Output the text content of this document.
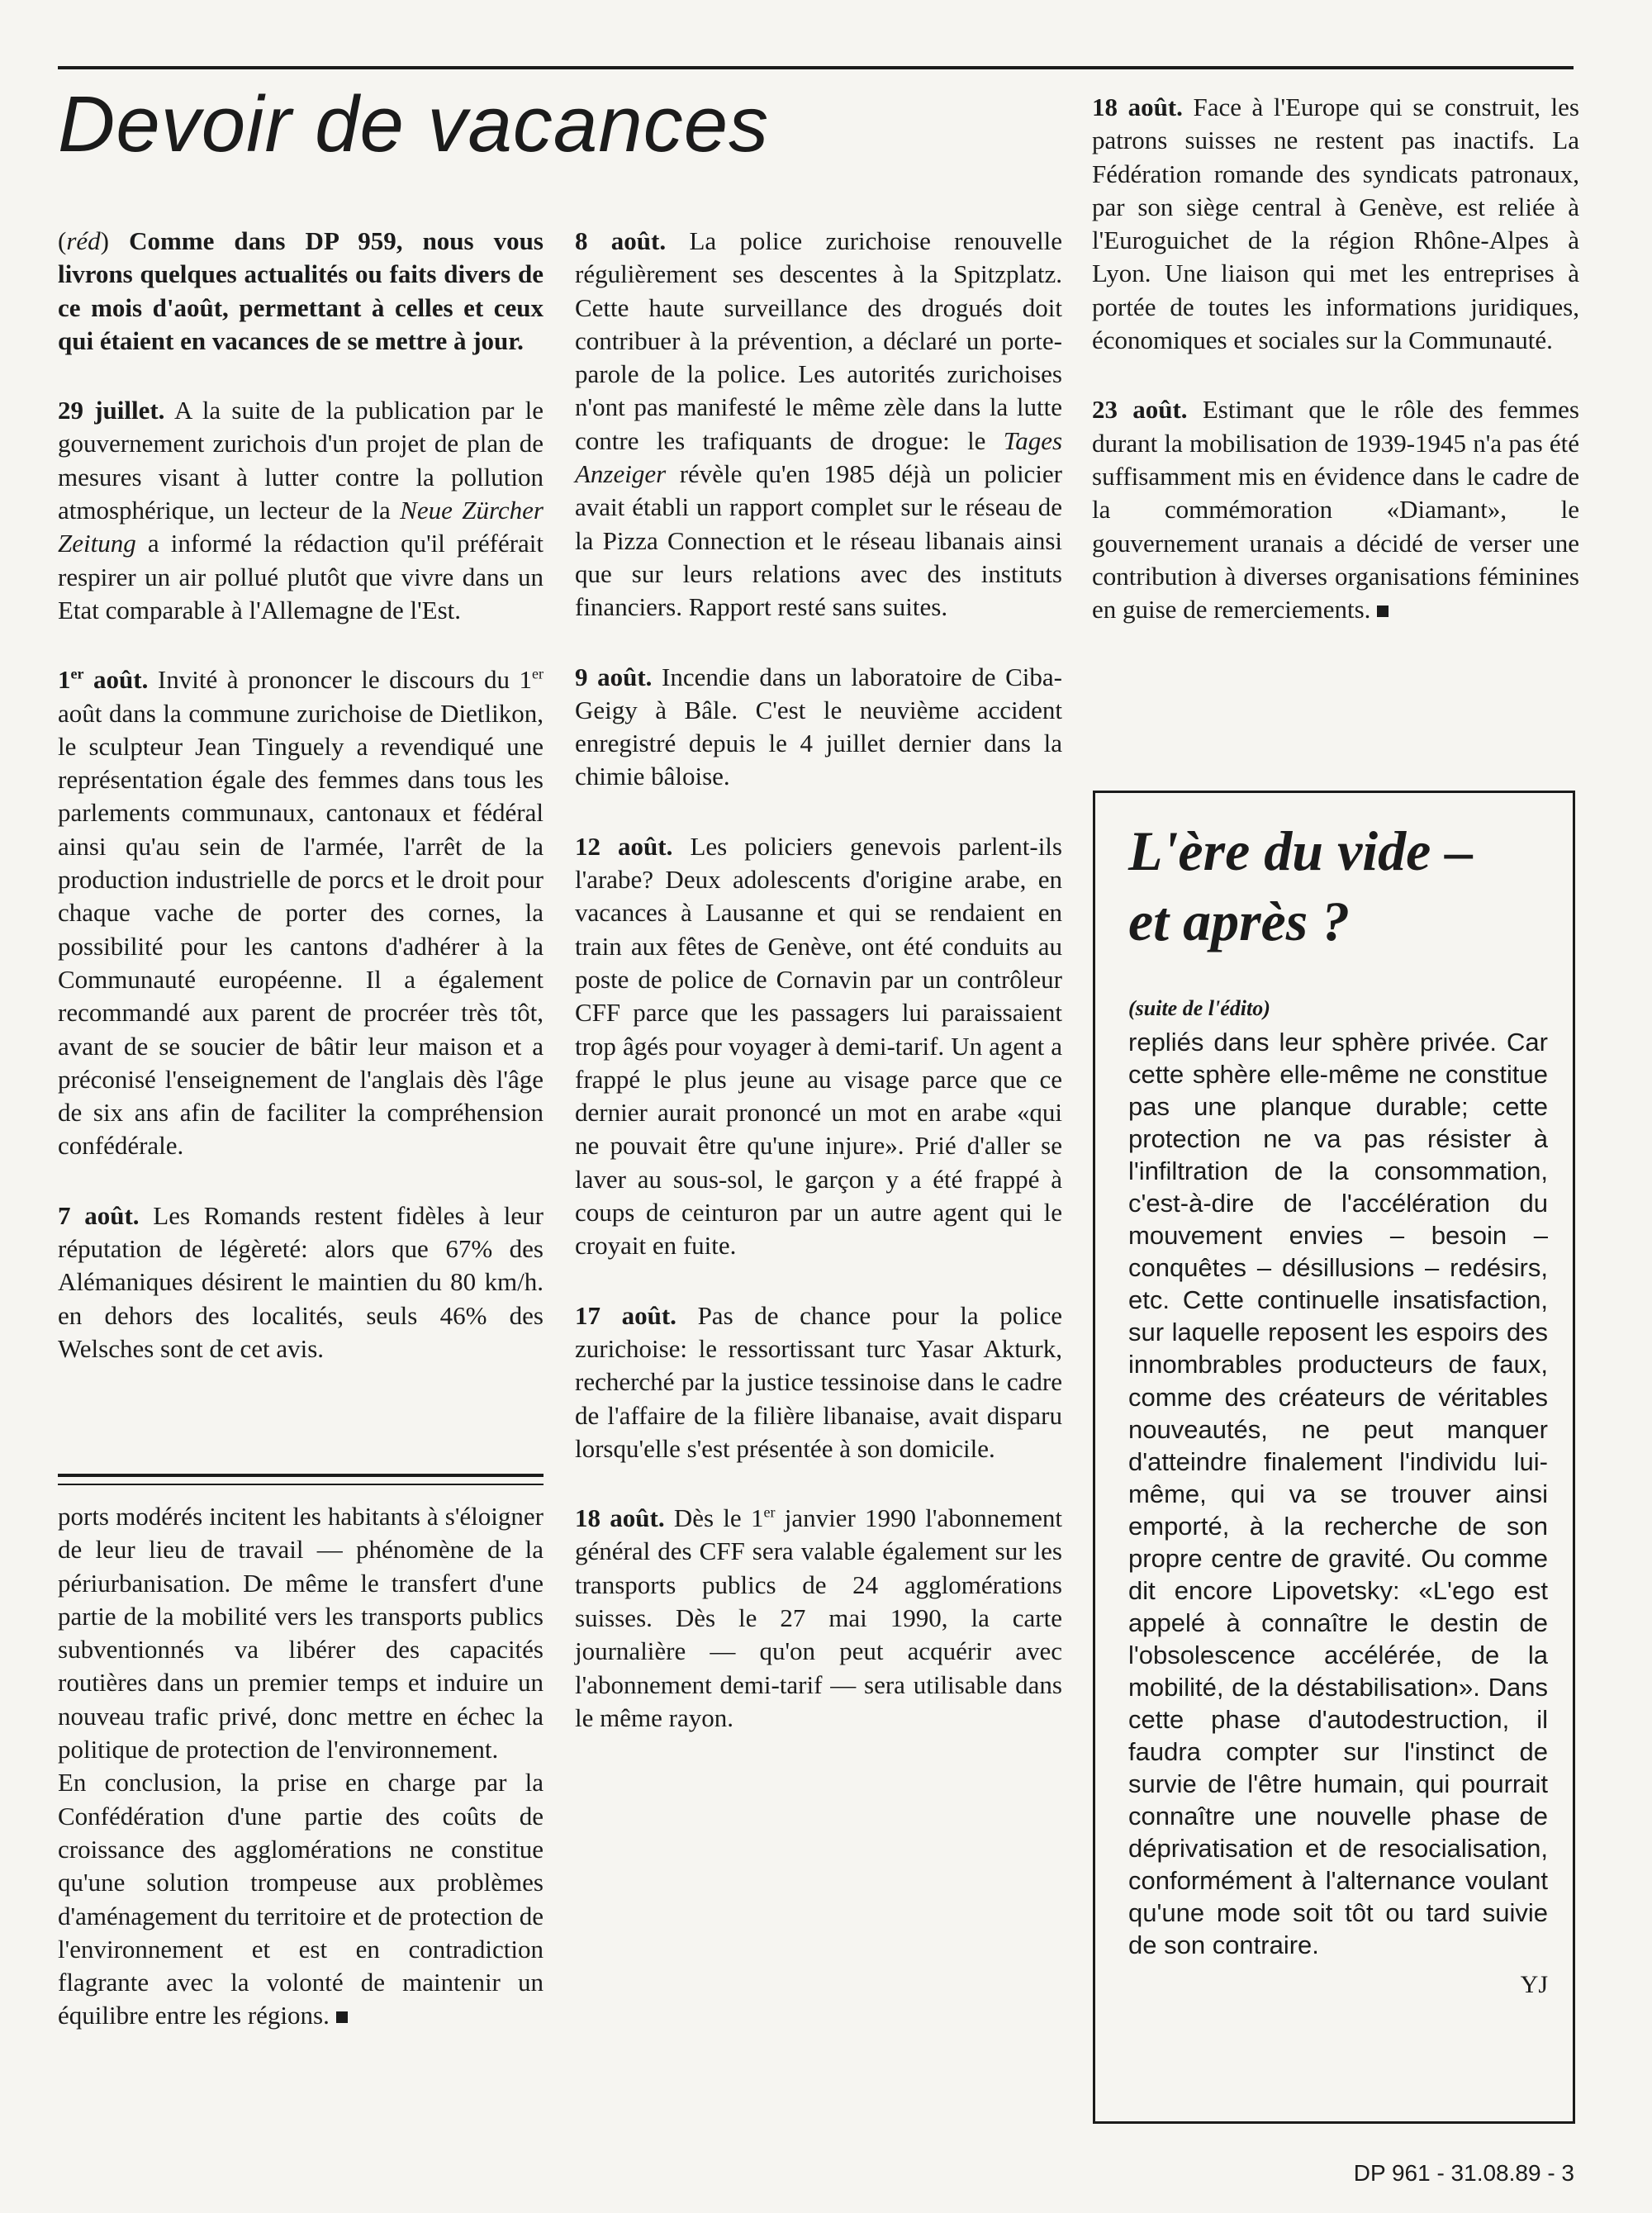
Devoir de vacances

(réd) Comme dans DP 959, nous vous livrons quelques actualités ou faits divers de ce mois d'août, permettant à celles et ceux qui étaient en vacances de se mettre à jour.

29 juillet. A la suite de la publication par le gouvernement zurichois d'un projet de plan de mesures visant à lutter contre la pollution atmosphérique, un lecteur de la Neue Zürcher Zeitung a informé la rédaction qu'il préférait respirer un air pollué plutôt que vivre dans un Etat comparable à l'Allemagne de l'Est.

1er août. Invité à prononcer le discours du 1er août dans la commune zurichoise de Dietlikon, le sculpteur Jean Tinguely a revendiqué une représentation égale des femmes dans tous les parlements communaux, cantonaux et fédéral ainsi qu'au sein de l'armée, l'arrêt de la production industrielle de porcs et le droit pour chaque vache de porter des cornes, la possibilité pour les cantons d'adhérer à la Communauté européenne. Il a également recommandé aux parent de procréer très tôt, avant de se soucier de bâtir leur maison et a préconisé l'enseignement de l'anglais dès l'âge de six ans afin de faciliter la compréhension confédérale.

7 août. Les Romands restent fidèles à leur réputation de légèreté: alors que 67% des Alémaniques désirent le maintien du 80 km/h. en dehors des localités, seuls 46% des Welsches sont de cet avis.

ports modérés incitent les habitants à s'éloigner de leur lieu de travail — phénomène de la périurbanisation. De même le transfert d'une partie de la mobilité vers les transports publics subventionnés va libérer des capacités routières dans un premier temps et induire un nouveau trafic privé, donc mettre en échec la politique de protection de l'environnement.

En conclusion, la prise en charge par la Confédération d'une partie des coûts de croissance des agglomérations ne constitue qu'une solution trompeuse aux problèmes d'aménagement du territoire et de protection de l'environnement et est en contradiction flagrante avec la volonté de maintenir un équilibre entre les régions.

8 août. La police zurichoise renouvelle régulièrement ses descentes à la Spitzplatz. Cette haute surveillance des drogués doit contribuer à la prévention, a déclaré un porte-parole de la police. Les autorités zurichoises n'ont pas manifesté le même zèle dans la lutte contre les trafiquants de drogue: le Tages Anzeiger révèle qu'en 1985 déjà un policier avait établi un rapport complet sur le réseau de la Pizza Connection et le réseau libanais ainsi que sur leurs relations avec des instituts financiers. Rapport resté sans suites.

9 août. Incendie dans un laboratoire de Ciba-Geigy à Bâle. C'est le neuvième accident enregistré depuis le 4 juillet dernier dans la chimie bâloise.

12 août. Les policiers genevois parlent-ils l'arabe? Deux adolescents d'origine arabe, en vacances à Lausanne et qui se rendaient en train aux fêtes de Genève, ont été conduits au poste de police de Cornavin par un contrôleur CFF parce que les passagers lui paraissaient trop âgés pour voyager à demi-tarif. Un agent a frappé le plus jeune au visage parce que ce dernier aurait prononcé un mot en arabe «qui ne pouvait être qu'une injure». Prié d'aller se laver au sous-sol, le garçon y a été frappé à coups de ceinturon par un autre agent qui le croyait en fuite.

17 août. Pas de chance pour la police zurichoise: le ressortissant turc Yasar Akturk, recherché par la justice tessinoise dans le cadre de l'affaire de la filière libanaise, avait disparu lorsqu'elle s'est présentée à son domicile.

18 août. Dès le 1er janvier 1990 l'abonnement général des CFF sera valable également sur les transports publics de 24 agglomérations suisses. Dès le 27 mai 1990, la carte journalière — qu'on peut acquérir avec l'abonnement demi-tarif — sera utilisable dans le même rayon.

18 août. Face à l'Europe qui se construit, les patrons suisses ne restent pas inactifs. La Fédération romande des syndicats patronaux, par son siège central à Genève, est reliée à l'Euroguichet de la région Rhône-Alpes à Lyon. Une liaison qui met les entreprises à portée de toutes les informations juridiques, économiques et sociales sur la Communauté.

23 août. Estimant que le rôle des femmes durant la mobilisation de 1939-1945 n'a pas été suffisamment mis en évidence dans le cadre de la commémoration «Diamant», le gouvernement uranais a décidé de verser une contribution à diverses organisations féminines en guise de remerciements.

L'ère du vide –
et après ?
(suite de l'édito)
repliés dans leur sphère privée. Car cette sphère elle-même ne constitue pas une planque durable; cette protection ne va pas résister à l'infiltration de la consommation, c'est-à-dire de l'accélération du mouvement envies – besoin – conquêtes – désillusions – redésirs, etc. Cette continuelle insatisfaction, sur laquelle reposent les espoirs des innombrables producteurs de faux, comme des créateurs de véritables nouveautés, ne peut manquer d'atteindre finalement l'individu lui-même, qui va se trouver ainsi emporté, à la recherche de son propre centre de gravité. Ou comme dit encore Lipovetsky: «L'ego est appelé à connaître le destin de l'obsolescence accélérée, de la mobilité, de la déstabilisation». Dans cette phase d'autodestruction, il faudra compter sur l'instinct de survie de l'être humain, qui pourrait connaître une nouvelle phase de déprivatisation et de resocialisation, conformément à l'alternance voulant qu'une mode soit tôt ou tard suivie de son contraire.
YJ
DP 961 - 31.08.89 - 3
